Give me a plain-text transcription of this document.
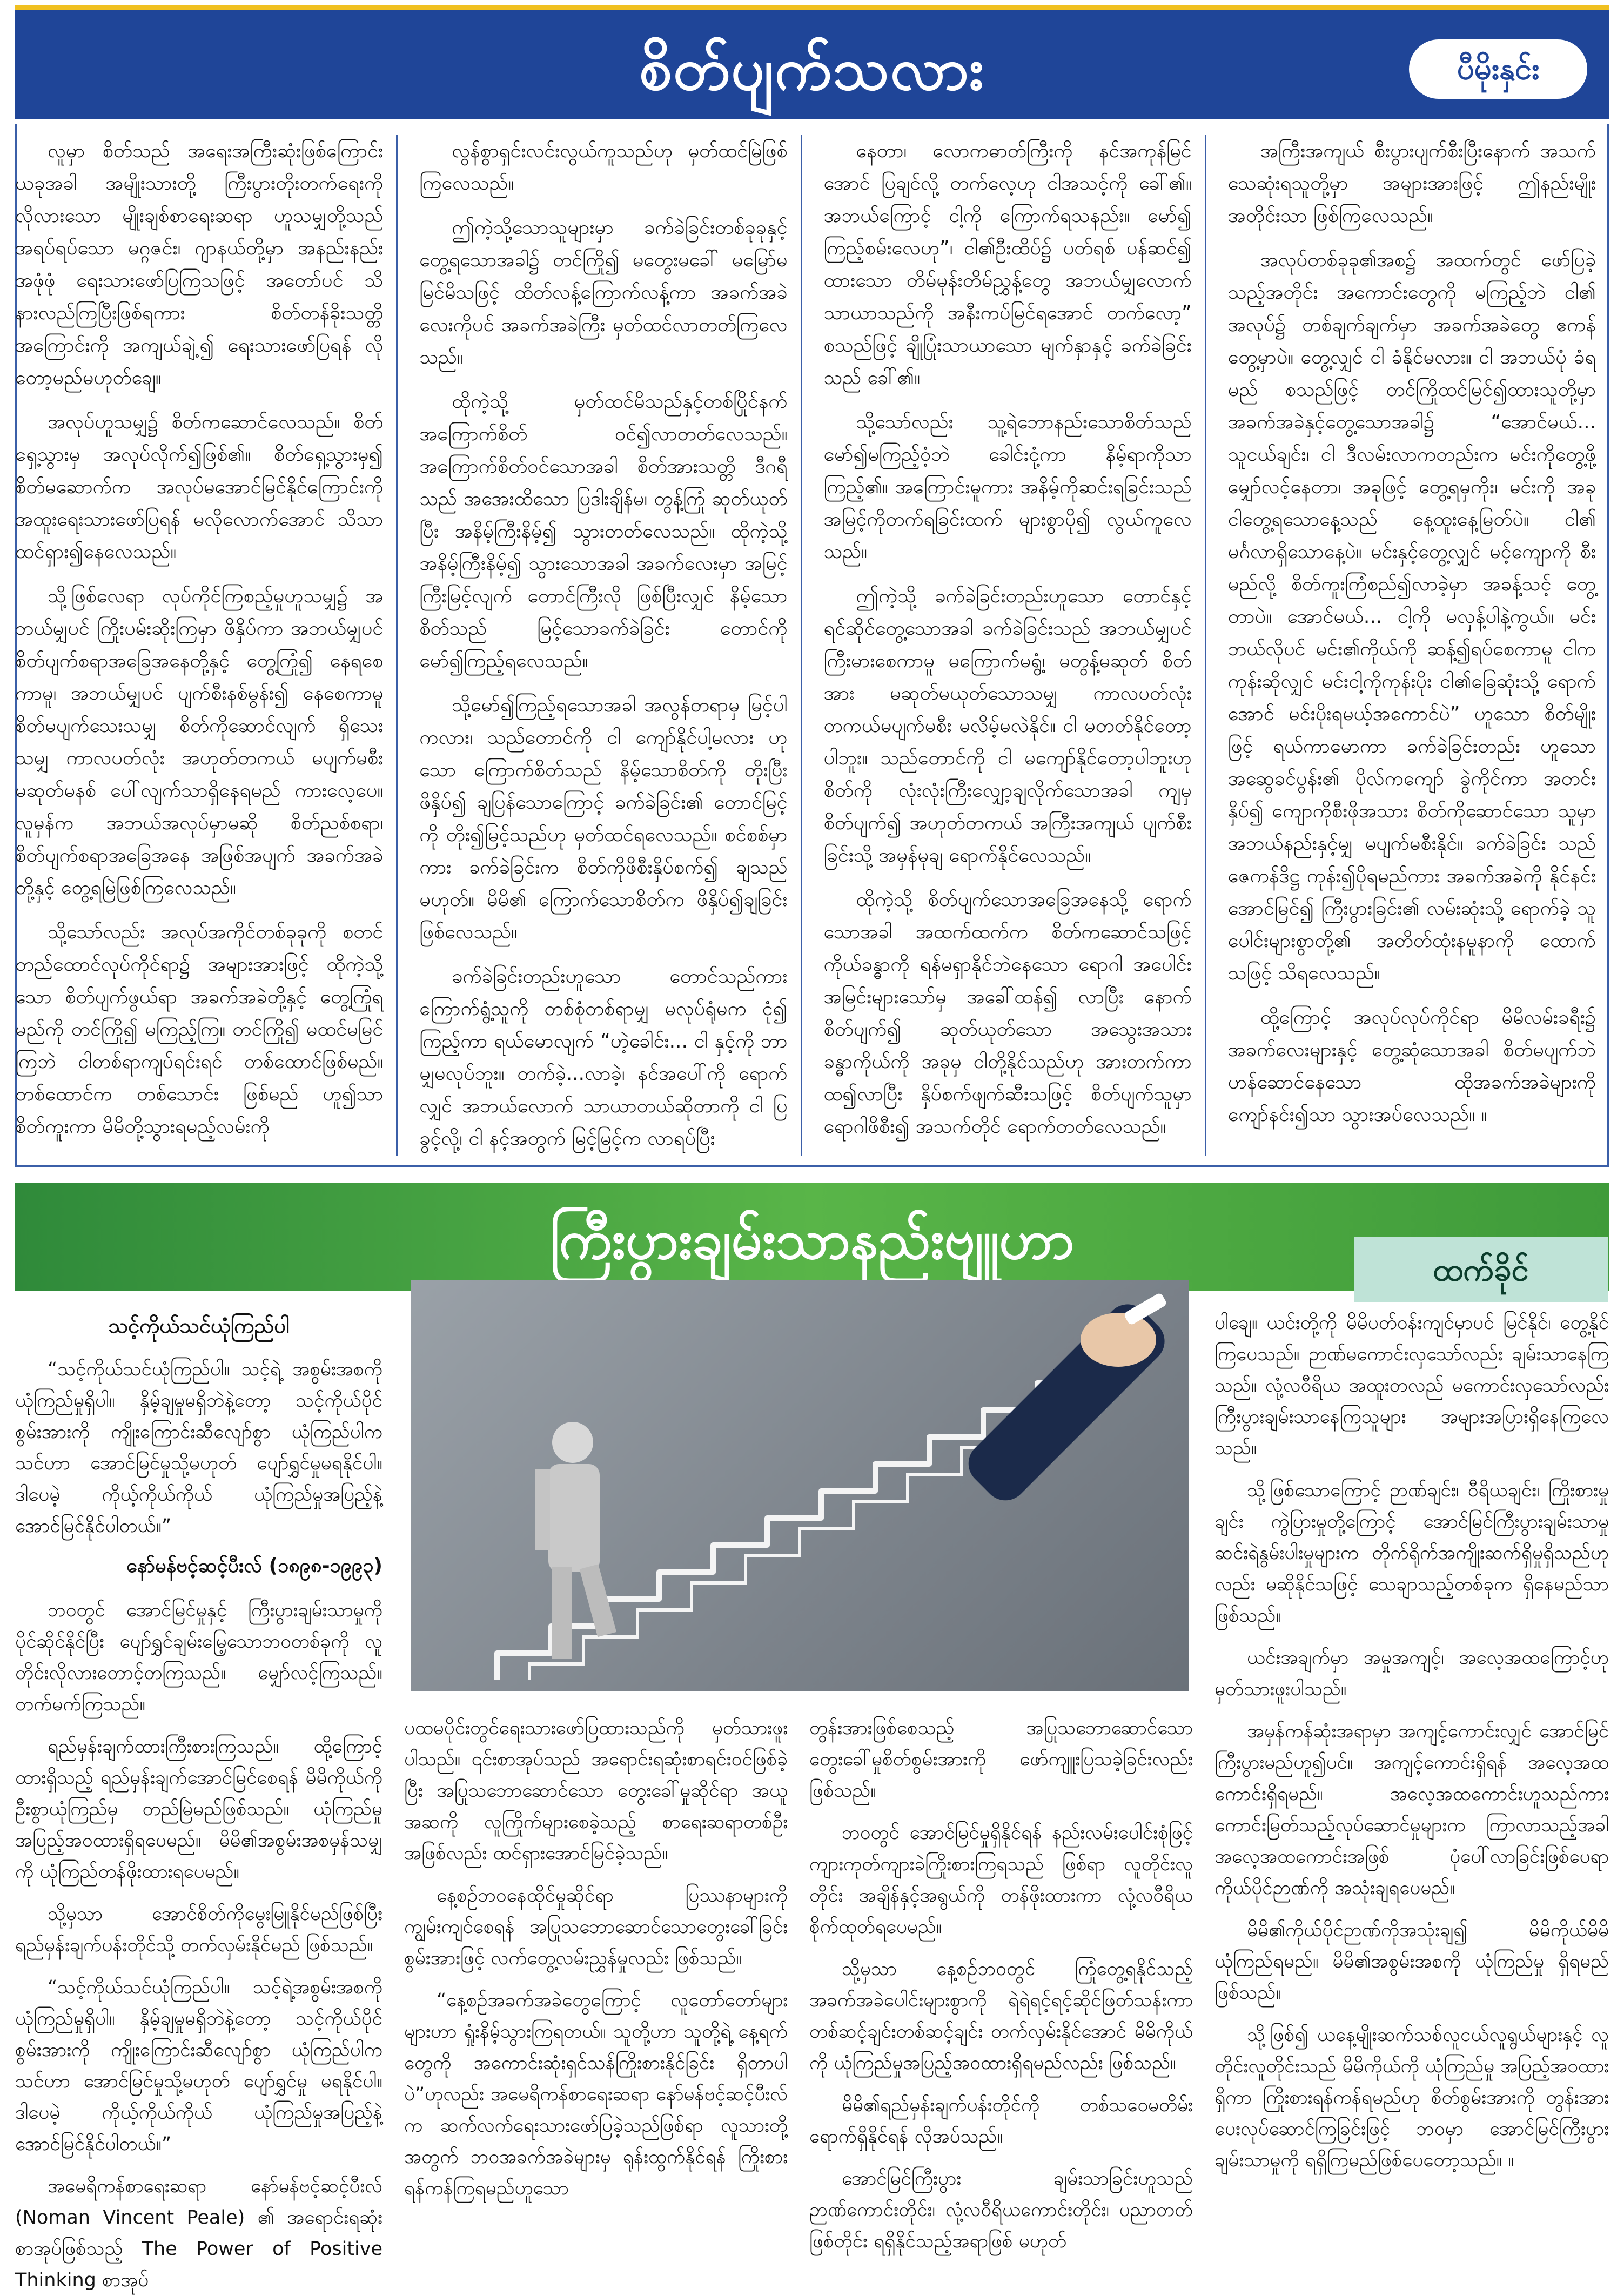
စိတ်ပျက်သလား	ပီမိုးနှင်း

လူမှာ စိတ်သည် အရေးအကြီးဆုံးဖြစ်ကြောင်း ယခုအခါ အမျိုးသားတို့ ကြီးပွားတိုးတက်ရေးကို လိုလားသော မျိုးချစ်စာရေးဆရာ ဟူသမျှတို့သည် အရပ်ရပ်သော မဂ္ဂဇင်း၊ ဂျာနယ်တို့မှာ အနည်းနည်း အဖုံဖုံ ရေးသားဖော်ပြကြသဖြင့် အတော်ပင် သိနားလည်ကြပြီးဖြစ်ရကား စိတ်တန်ခိုးသတ္တိ အကြောင်းကို အကျယ်ချဲ့၍ ရေးသားဖော်ပြရန် လိုတော့မည်မဟုတ်ချေ။

အလုပ်ဟူသမျှ၌ စိတ်ကဆောင်လေသည်။ စိတ်ရှေ့သွားမှ အလုပ်လိုက်၍ဖြစ်၏။ စိတ်ရှေ့သွားမှ၍ စိတ်မဆောက်က အလုပ်မအောင်မြင်နိုင်ကြောင်းကို အထူးရေးသားဖော်ပြရန် မလိုလောက်အောင် သိသာထင်ရှား၍နေလေသည်။

သို့ဖြစ်လေရာ လုပ်ကိုင်ကြစည့်မှုဟူသမျှ၌ အဘယ်မျှပင် ကြိုးပမ်းဆိုးကြမှာ ဖိနှိပ်ကာ အဘယ်မျှပင် စိတ်ပျက်စရာအခြေအနေတို့နှင့် တွေ့ကြုံ၍ နေရစေကာမူ၊ အဘယ်မျှပင် ပျက်စီးနစ်မွန်း၍ နေစေကာမူ စိတ်မပျက်သေးသမျှ စိတ်ကိုဆောင်လျက် ရှိသေးသမျှ ကာလပတ်လုံး အဟုတ်တကယ် မပျက်မစီး မဆုတ်မနစ် ပေါ်လျက်သာရှိနေရမည် ကားလေ့ပေ။ လူမှန်က အဘယ်အလုပ်မှာမဆို စိတ်ညစ်စရာ၊ စိတ်ပျက်စရာအခြေအနေ အဖြစ်အပျက် အခက်အခဲတို့နှင့် တွေ့ရမြဲဖြစ်ကြလေသည်။

သို့သော်လည်း အလုပ်အကိုင်တစ်ခုခုကို စတင်တည်ထောင်လုပ်ကိုင်ရာ၌ အများအားဖြင့် ထိုကဲ့သို့သော စိတ်ပျက်ဖွယ်ရာ အခက်အခဲတို့နှင့် တွေ့ကြုံရမည်ကို တင်ကြို၍ မကြည့်ကြ။ တင်ကြို၍ မထင်မမြင်ကြဘဲ ငါတစ်ရာကျပ်ရင်းရင် တစ်ထောင်ဖြစ်မည်။ တစ်ထောင်က တစ်သောင်း ဖြစ်မည် ဟူ၍သာ စိတ်ကူးကာ မိမိတို့သွားရမည့်လမ်းကို

လွန်စွာရှင်းလင်းလွယ်ကူသည်ဟု မှတ်ထင်မြဲဖြစ်ကြလေသည်။

ဤကဲ့သို့သောသူများမှာ ခက်ခဲခြင်းတစ်ခုခုနှင့် တွေ့ရသောအခါ၌ တင်ကြို၍ မတွေးမခေါ် မမြော်မမြင်မိသဖြင့် ထိတ်လန့်ကြောက်လန့်ကာ အခက်အခဲလေးကိုပင် အခက်အခဲကြီး မှတ်ထင်လာတတ်ကြလေသည်။

ထိုကဲ့သို့ မှတ်ထင်မိသည်နှင့်တစ်ပြိုင်နက် အကြောက်စိတ် ဝင်၍လာတတ်လေသည်။ အကြောက်စိတ်ဝင်သောအခါ စိတ်အားသတ္တိ ဒီဂရီသည် အအေးထိသော ပြဒါးချိန်မ၊ တွန့်ကြုံ ဆုတ်ယုတ်ပြီး အနိမ့်ကြီးနိမ့်၍ သွားတတ်လေသည်။ ထိုကဲ့သို့ အနိမ့်ကြီးနိမ့်၍ သွားသောအခါ အခက်လေးမှာ အမြင့်ကြီးမြင့်လျက် တောင်ကြီးလို ဖြစ်ပြီးလျှင် နိမ့်သောစိတ်သည် မြင့်သောခက်ခဲခြင်း တောင်ကို မော်၍ကြည့်ရလေသည်။

သို့မော်၍ကြည့်ရသောအခါ အလွန်တရာမှ မြင့်ပါကလား၊ သည်တောင်ကို ငါ ကျော်နိုင်ပါ့မလား ဟုသော ကြောက်စိတ်သည် နိမ့်သောစိတ်ကို တိုးပြီး ဖိနှိပ်၍ ချပြန်သောကြောင့် ခက်ခဲခြင်း၏ တောင်မြင့်ကို တိုး၍မြင့်သည်ဟု မှတ်ထင်ရလေသည်။ စင်စစ်မှာကား ခက်ခဲခြင်းက စိတ်ကိုဖိစီးနှိပ်စက်၍ ချသည် မဟုတ်။ မိမိ၏ ကြောက်သောစိတ်က ဖိနှိပ်၍ချခြင်း ဖြစ်လေသည်။

ခက်ခဲခြင်းတည်းဟူသော တောင်သည်ကား ကြောက်ရွံ့သူကို တစ်စုံတစ်ရာမျှ မလုပ်ရုံမက ငုံ၍ ကြည့်ကာ ရယ်မောလျက် “ဟဲ့ခေါင်း... ငါ နှင့်ကို ဘာမျှမလုပ်ဘူး။ တက်ခဲ့...လာခဲ့၊ နင်အပေါ်ကို ရောက်လျှင် အဘယ်လောက် သာယာတယ်ဆိုတာကို ငါ ပြခွင့်လို့၊ ငါ နင့်အတွက် မြင့်မြင့်က လာရပ်ပြီး

နေတာ၊ လောကဓာတ်ကြီးကို နင်အကုန်မြင်အောင် ပြချင်လို့ တက်လေ့ဟု ငါအသင့်ကို ခေါ်၏။ အဘယ်ကြောင့် ငါ့ကို ကြောက်ရသနည်း။ မော်၍ ကြည့်စမ်းလေဟု”၊ ငါ၏ဦးထိပ်၌ ပတ်ရစ် ပန်ဆင်၍ ထားသော တိမ်မုန်းတိမ်ညွှန့်တွေ အဘယ်မျှလောက် သာယာသည်ကို အနီးကပ်မြင်ရအောင် တက်လော့” စသည်ဖြင့် ချိုပြုံးသာယာသော မျက်နှာနှင့် ခက်ခဲခြင်းသည် ခေါ်၏။

သို့သော်လည်း သူ့ရဲဘောနည်းသောစိတ်သည် မော်၍မကြည့်ဝံ့ဘဲ ခေါင်းငုံ့ကာ နိမ့်ရာကိုသာ ကြည့်၏။ အကြောင်းမူကား အနိမ့်ကိုဆင်းရခြင်းသည် အမြင့်ကိုတက်ရခြင်းထက် များစွာပို၍ လွယ်ကူလေသည်။

ဤကဲ့သို့ ခက်ခဲခြင်းတည်းဟူသော တောင်နှင့် ရင်ဆိုင်တွေ့သောအခါ ခက်ခဲခြင်းသည် အဘယ်မျှပင် ကြီးမားစေကာမူ မကြောက်မရွံ့၊ မတွန့်မဆုတ် စိတ်အား မဆုတ်မယုတ်သောသမျှ ကာလပတ်လုံး တကယ်မပျက်မစီး မလိမ့်မလဲနိုင်။ ငါ မတတ်နိုင်တော့ပါဘူး။ သည်တောင်ကို ငါ မကျော်နိုင်တော့ပါဘူးဟု စိတ်ကို လုံးလုံးကြီးလျှော့ချလိုက်သောအခါ ကျမှ စိတ်ပျက်၍ အဟုတ်တကယ် အကြီးအကျယ် ပျက်စီးခြင်းသို့ အမှန်မုချ ရောက်နိုင်လေသည်။

ထိုကဲ့သို့ စိတ်ပျက်သောအခြေအနေသို့ ရောက်သောအခါ အထက်ထက်က စိတ်ကဆောင်သဖြင့် ကိုယ်ခန္ဓာကို ရန်မရှာနိုင်ဘဲနေသော ရောဂါ အပေါင်းအမြင်းများသော်မှ အခေါ်ထန်၍ လာပြီး နောက် စိတ်ပျက်၍ ဆုတ်ယုတ်သော အသွေးအသား ခန္ဓာကိုယ်ကို အခုမှ ငါတို့နိုင်သည်ဟု အားတက်ကာ ထ၍လာပြီး နှိပ်စက်ဖျက်ဆီးသဖြင့် စိတ်ပျက်သူမှာ ရောဂါဖိစီး၍ အသက်တိုင် ရောက်တတ်လေသည်။

အကြီးအကျယ် စီးပွားပျက်စီးပြီးနောက် အသက်သေဆုံးရသူတို့မှာ အများအားဖြင့် ဤနည်းမျိုး အတိုင်းသာ ဖြစ်ကြလေသည်။

အလုပ်တစ်ခုခု၏အစ၌ အထက်တွင် ဖော်ပြခဲ့သည့်အတိုင်း အကောင်းတွေကို မကြည့်ဘဲ ငါ၏ အလုပ်၌ တစ်ချက်ချက်မှာ အခက်အခဲတွေ ဧကန် တွေ့မှာပဲ။ တွေ့လျှင် ငါ ခံနိုင်မလား။ ငါ အဘယ်ပုံ ခံရမည် စသည်ဖြင့် တင်ကြိုထင်မြင်၍ထားသူတို့မှာ အခက်အခဲနှင့်တွေ့သောအခါ၌ “အောင်မယ်... သူငယ်ချင်း၊ ငါ ဒီလမ်းလာကတည်းက မင်းကိုတွေ့ဖို့ မျှော်လင့်နေတာ၊ အခုဖြင့် တွေ့ရမှကိုး၊ မင်းကို အခု ငါတွေ့ရသောနေ့သည် နေ့ထူးနေ့မြတ်ပဲ။ ငါ၏ မင်္ဂလာရှိသောနေ့ပဲ။ မင်းနှင့်တွေ့လျှင် မင့်ကျောကို စီးမည်လို့ စိတ်ကူးကြံစည်၍လာခဲ့မှာ အခန့်သင့် တွေ့တာပဲ။ အောင်မယ်... ငါ့ကို မလှန့်ပါနဲ့ကွယ်။ မင်း ဘယ်လိုပင် မင်း၏ကိုယ်ကို ဆန့်၍ရပ်စေကာမူ ငါက ကုန်းဆိုလျှင် မင်းငါ့ကိုကုန်းပိုး ငါ၏ခြေဆုံးသို့ ရောက်အောင် မင်းပိုးရမယ့်အကောင်ပဲ” ဟူသော စိတ်မျိုးဖြင့် ရယ်ကာမောကာ ခက်ခဲခြင်းတည်း ဟူသော အဆွေခင်ပွန်း၏ ပိုလ်ကကျော် ခွဲကိုင်ကာ အတင်းနှိပ်၍ ကျောကိုစီးဖိုအသား စိတ်ကိုဆောင်သော သူမှာ အဘယ်နည်းနှင့်မျှ မပျက်မစီးနိုင်။ ခက်ခဲခြင်း သည် ဇေကန်ဒိဋ္ဌ ကုန်း၍ပိုရမည်ကား အခက်အခဲကို နိုင်နင်းအောင်မြင်၍ ကြီးပွားခြင်း၏ လမ်းဆုံးသို့ ရောက်ခဲ့ သူပေါင်းများစွာတို့၏ အတိတ်ထုံးနမူနာကို ထောက်သဖြင့် သိရလေသည်။

ထို့ကြောင့် အလုပ်လုပ်ကိုင်ရာ မိမိလမ်းခရီး၌ အခက်လေးများနှင့် တွေ့ဆုံသောအခါ စိတ်မပျက်ဘဲ ဟန်ဆောင်နေသော ထိုအခက်အခဲများကို ကျော်နင်း၍သာ သွားအပ်လေသည်။ ။

ကြီးပွားချမ်းသာနည်းဗျူဟာ	ထက်ခိုင်
သင့်ကိုယ်သင်ယုံကြည်ပါ

“သင့်ကိုယ်သင်ယုံကြည်ပါ။ သင့်ရဲ့ အစွမ်းအစကို ယုံကြည်မှုရှိပါ။ နှိမ့်ချမှုမရှိဘဲနဲ့တော့ သင့်ကိုယ်ပိုင် စွမ်းအားကို ကျိုးကြောင်းဆီလျော်စွာ ယုံကြည်ပါက သင်ဟာ အောင်မြင်မှုသို့မဟုတ် ပျော်ရွှင်မှုမရနိုင်ပါ။ ဒါပေမဲ့ ကိုယ့်ကိုယ်ကိုယ် ယုံကြည်မှုအပြည့်နဲ့ အောင်မြင်နိုင်ပါတယ်။”

နော်မန်ဗင့်ဆင့်ပီးလ် (၁၈၉၈-၁၉၉၃)

ဘဝတွင် အောင်မြင်မှုနှင့် ကြီးပွားချမ်းသာမှုကို ပိုင်ဆိုင်နိုင်ပြီး ပျော်ရွှင်ချမ်းမြေ့သောဘဝတစ်ခုကို လူတိုင်းလိုလားတောင့်တကြသည်။ မျှော်လင့်ကြသည်။ တက်မက်ကြသည်။

ရည်မှန်းချက်ထားကြီးစားကြသည်။ ထို့ကြောင့် ထားရှိသည့် ရည်မှန်းချက်အောင်မြင်စေရန် မိမိကိုယ်ကို ဦးစွာယုံကြည်မှ တည်မြဲမည်ဖြစ်သည်။ ယုံကြည်မှုအပြည့်အဝထားရှိရပေမည်။ မိမိ၏အစွမ်းအစမှန်သမျှကို ယုံကြည်တန်ဖိုးထားရပေမည်။

သို့မှသာ အောင်စိတ်ကိုမွေးမြူနိုင်မည်ဖြစ်ပြီး ရည်မှန်းချက်ပန်းတိုင်သို့ တက်လှမ်းနိုင်မည် ဖြစ်သည်။

“သင့်ကိုယ်သင်ယုံကြည်ပါ။ သင့်ရဲ့အစွမ်းအစကို ယုံကြည်မှုရှိပါ။ နှိမ့်ချမှုမရှိဘဲနဲ့တော့ သင့်ကိုယ်ပိုင် စွမ်းအားကို ကျိုးကြောင်းဆီလျော်စွာ ယုံကြည်ပါက သင်ဟာ အောင်မြင်မှုသို့မဟုတ် ပျော်ရွှင်မှု မရနိုင်ပါ။ ဒါပေမဲ့ ကိုယ့်ကိုယ်ကိုယ် ယုံကြည်မှုအပြည့်နဲ့ အောင်မြင်နိုင်ပါတယ်။”

အမေရိကန်စာရေးဆရာ နော်မန်ဗင့်ဆင့်ပီးလ် (Noman Vincent Peale) ၏ အရောင်းရဆုံး စာအုပ်ဖြစ်သည့် The Power of Positive Thinking စာအုပ်

ပထမပိုင်းတွင်ရေးသားဖော်ပြထားသည်ကို မှတ်သားဖူးပါသည်။ ၎င်းစာအုပ်သည် အရောင်းရဆုံးစာရင်းဝင်ဖြစ်ခဲ့ပြီး အပြုသဘောဆောင်သော တွေးခေါ်မှုဆိုင်ရာ အယူအဆကို လူကြိုက်များစေခဲ့သည့် စာရေးဆရာတစ်ဦးအဖြစ်လည်း ထင်ရှားအောင်မြင်ခဲ့သည်။

နေ့စဉ်ဘဝနေထိုင်မှုဆိုင်ရာ ပြဿနာများကို ကျွမ်းကျင်စေရန် အပြုသဘောဆောင်သောတွေးခေါ်ခြင်း စွမ်းအားဖြင့် လက်တွေ့လမ်းညွှန်မှုလည်း ဖြစ်သည်။

“နေ့စဉ်အခက်အခဲတွေကြောင့် လူတော်တော်များများဟာ ရှုံးနိမ့်သွားကြရတယ်။ သူတို့ဟာ သူတို့ရဲ့ နေ့ရက်တွေကို အကောင်းဆုံးရှင်သန်ကြိုးစားနိုင်ခြင်း ရှိတာပါပဲ”ဟုလည်း အမေရိကန်စာရေးဆရာ နော်မန်ဗင့်ဆင့်ပီးလ်က ဆက်လက်ရေးသားဖော်ပြခဲ့သည်ဖြစ်ရာ လူသားတို့အတွက် ဘဝအခက်အခဲများမှ ရုန်းထွက်နိုင်ရန် ကြိုးစားရန်ကန်ကြရမည်ဟူသော

တွန်းအားဖြစ်စေသည့် အပြုသဘောဆောင်သော တွေးခေါ်မှုစိတ်စွမ်းအားကို ဖော်ကျူးပြသခဲ့ခြင်းလည်း ဖြစ်သည်။

ဘဝတွင် အောင်မြင်မှုရှိနိုင်ရန် နည်းလမ်းပေါင်းစုံဖြင့် ကျားကုတ်ကျားခဲကြိုးစားကြရသည် ဖြစ်ရာ လူတိုင်းလူတိုင်း အချိန်နှင့်အရွယ်ကို တန်ဖိုးထားကာ လုံ့လဝီရိယစိုက်ထုတ်ရပေမည်။

သို့မှသာ နေ့စဉ်ဘဝတွင် ကြုံတွေ့ရနိုင်သည့် အခက်အခဲပေါင်းများစွာကို ရဲရဲရင့်ရင့်ဆိုင်ဖြတ်သန်းကာ တစ်ဆင့်ချင်းတစ်ဆင့်ချင်း တက်လှမ်းနိုင်အောင် မိမိကိုယ်ကို ယုံကြည်မှုအပြည့်အဝထားရှိရမည်လည်း ဖြစ်သည်။

မိမိ၏ရည်မှန်းချက်ပန်းတိုင်ကို တစ်သဝေမတိမ်း ရောက်ရှိနိုင်ရန် လိုအပ်သည်။

အောင်မြင်ကြီးပွား ချမ်းသာခြင်းဟူသည် ဉာဏ်ကောင်းတိုင်း၊ လုံ့လဝီရိယကောင်းတိုင်း၊ ပညာတတ်ဖြစ်တိုင်း ရရှိနိုင်သည့်အရာဖြစ် မဟုတ်

ပါချေ။ ယင်းတို့ကို မိမိပတ်ဝန်းကျင်မှာပင် မြင်နိုင်၊ တွေ့နိုင်ကြပေသည်။ ဉာဏ်မကောင်းလှသော်လည်း ချမ်းသာနေကြသည်။ လုံ့လဝီရိယ အထူးတလည် မကောင်းလှသော်လည်း ကြီးပွားချမ်းသာနေကြသူများ အများအပြားရှိနေကြလေသည်။

သို့ဖြစ်သောကြောင့် ဉာဏ်ချင်း၊ ဝီရိယချင်း၊ ကြိုးစားမှုချင်း ကွဲပြားမှုတို့ကြောင့် အောင်မြင်ကြီးပွားချမ်းသာမှု ဆင်းရဲနွမ်းပါးမှုများက တိုက်ရိုက်အကျိုးဆက်ရှိမှုရှိသည်ဟုလည်း မဆိုနိုင်သဖြင့် သေချာသည့်တစ်ခုက ရှိနေမည်သာဖြစ်သည်။

ယင်းအချက်မှာ အမှုအကျင့်၊ အလေ့အထကြောင့်ဟု မှတ်သားဖူးပါသည်။

အမှန်ကန်ဆုံးအရာမှာ အကျင့်ကောင်းလျှင် အောင်မြင်ကြီးပွားမည်ဟူ၍ပင်။ အကျင့်ကောင်းရှိရန် အလေ့အထကောင်းရှိရမည်။ အလေ့အထကောင်းဟူသည်ကား ကောင်းမြတ်သည့်လုပ်ဆောင်မှုများက ကြာလာသည့်အခါ အလေ့အထကောင်းအဖြစ် ပုံပေါ်လာခြင်းဖြစ်ပေရာ ကိုယ်ပိုင်ဉာဏ်ကို အသုံးချရပေမည်။

မိမိ၏ကိုယ်ပိုင်ဉာဏ်ကိုအသုံးချ၍ မိမိကိုယ်မိမိ ယုံကြည်ရမည်။ မိမိ၏အစွမ်းအစကို ယုံကြည်မှု ရှိရမည်ဖြစ်သည်။

သို့ဖြစ်၍ ယနေ့မျိုးဆက်သစ်လူငယ်လူရွယ်များနှင့် လူတိုင်းလူတိုင်းသည် မိမိကိုယ်ကို ယုံကြည်မှု အပြည့်အဝထားရှိကာ ကြိုးစားရန်ကန်ရမည်ဟု စိတ်စွမ်းအားကို တွန်းအားပေးလုပ်ဆောင်ကြခြင်းဖြင့် ဘဝမှာ အောင်မြင်ကြီးပွားချမ်းသာမှုကို ရရှိကြမည်ဖြစ်ပေတော့သည်။ ။
